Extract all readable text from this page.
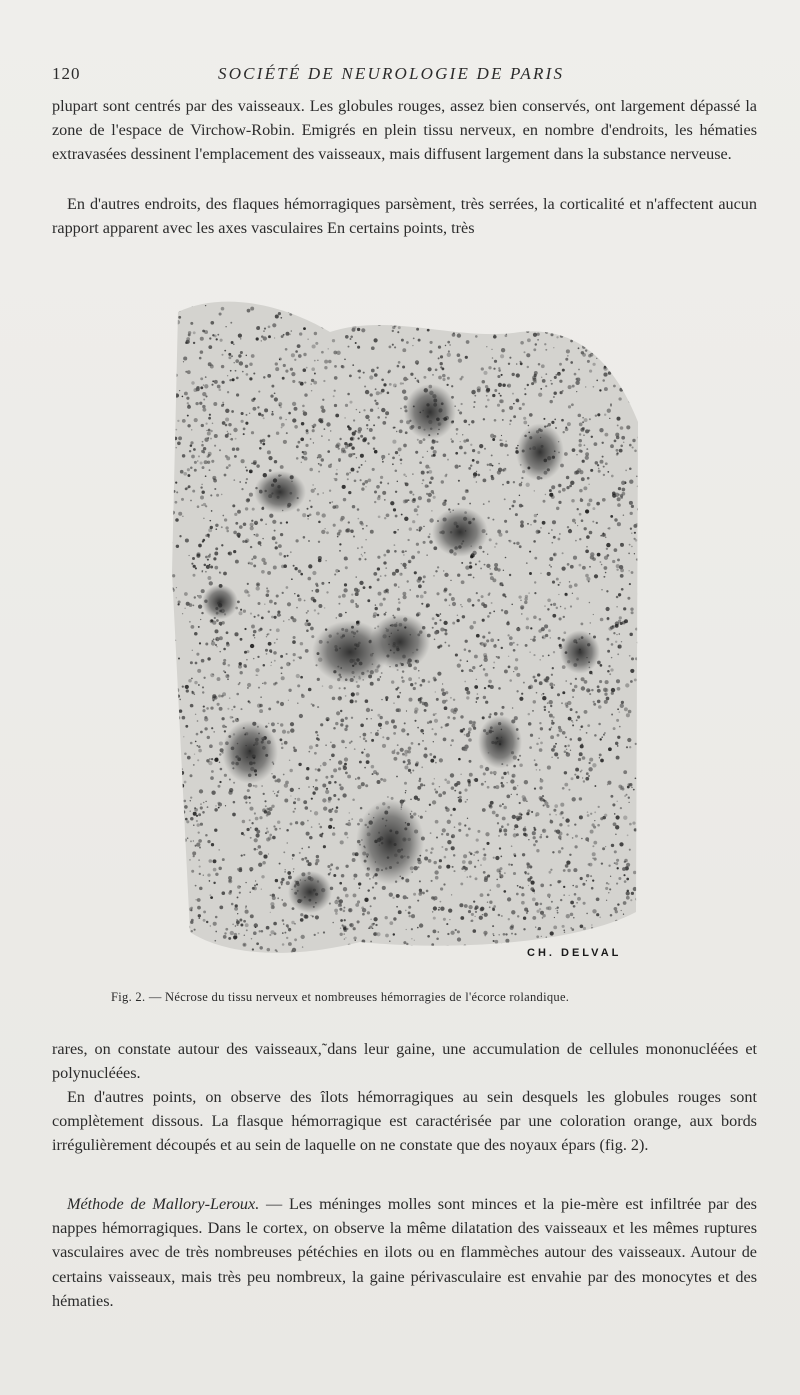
120	SOCIÉTÉ DE NEUROLOGIE DE PARIS

plupart sont centrés par des vaisseaux. Les globules rouges, assez bien conservés, ont largement dépassé la zone de l'espace de Virchow-Robin. Emigrés en plein tissu nerveux, en nombre d'endroits, les hématies extravasées dessinent l'emplacement des vaisseaux, mais diffusent largement dans la substance nerveuse.

En d'autres endroits, des flaques hémorragiques parsèment, très serrées, la corticalité et n'affectent aucun rapport apparent avec les axes vasculaires En certains points, très

CH. DELVAL
Fig. 2. — Nécrose du tissu nerveux et nombreuses hémorragies de l'écorce rolandique.

rares, on constate autour des vaisseaux,˜dans leur gaine, une accumulation de cellules mononucléées et polynucléées.

En d'autres points, on observe des îlots hémorragiques au sein desquels les globules rouges sont complètement dissous. La flasque hémorragique est caractérisée par une coloration orange, aux bords irrégulièrement découpés et au sein de laquelle on ne constate que des noyaux épars (fig. 2).

Méthode de Mallory-Leroux. — Les méninges molles sont minces et la pie-mère est infiltrée par des nappes hémorragiques. Dans le cortex, on observe la même dilatation des vaisseaux et les mêmes ruptures vasculaires avec de très nombreuses pétéchies en ilots ou en flammèches autour des vaisseaux. Autour de certains vaisseaux, mais très peu nombreux, la gaine périvasculaire est envahie par des monocytes et des hématies.
